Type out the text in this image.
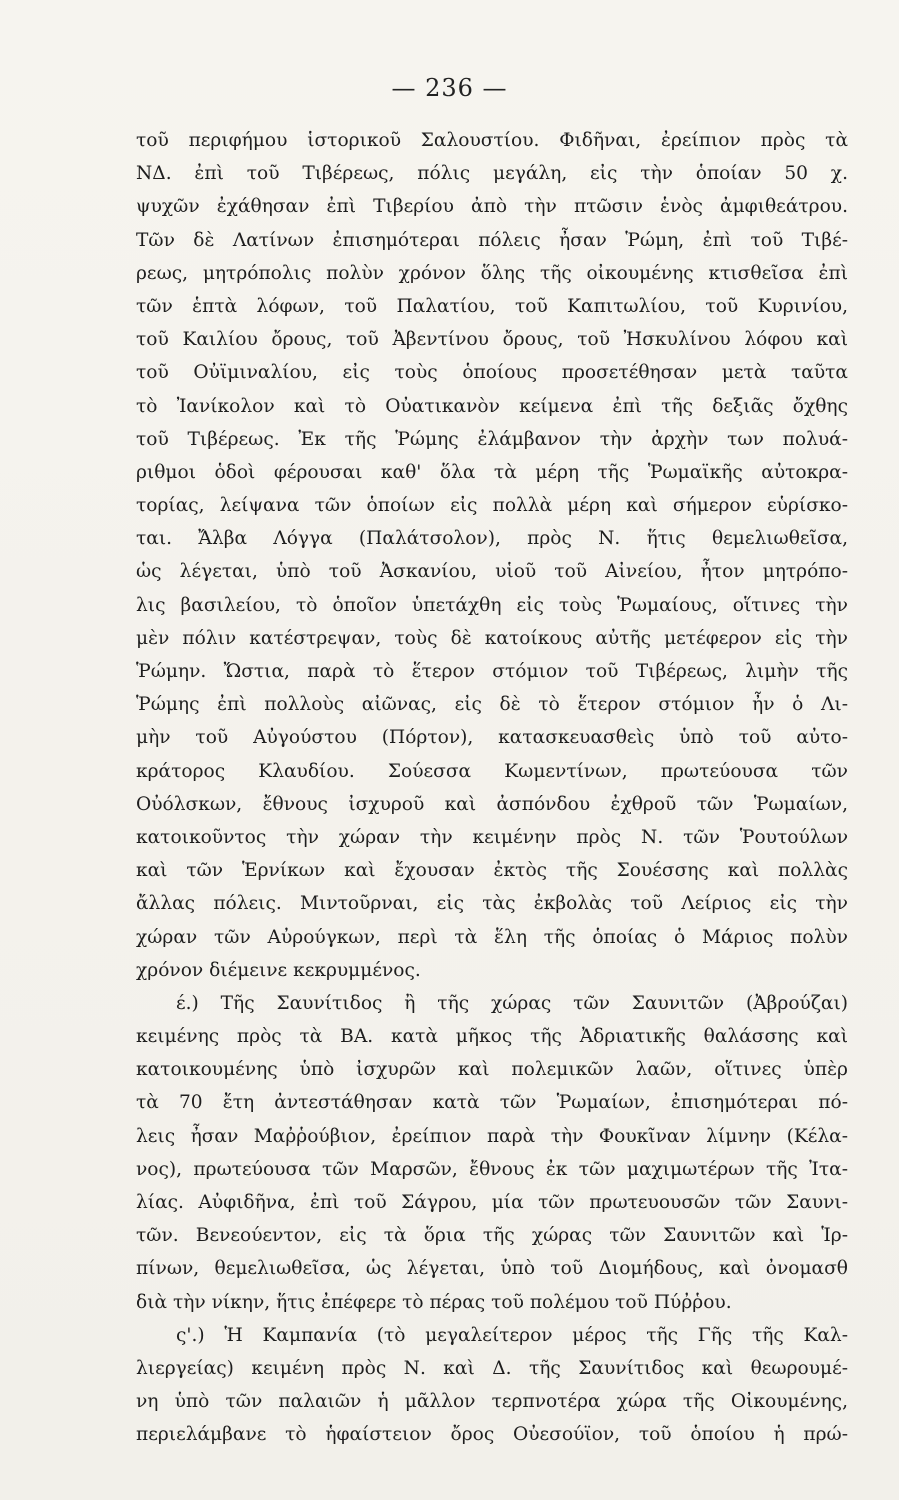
— 236 —
τοῦ περιφήμου ἱστορικοῦ Σαλουστίου. Φιδῆναι, ἐρείπιον πρὸς τὰ
ΝΔ. ἐπὶ τοῦ Τιβέρεως, πόλις μεγάλη, εἰς τὴν ὁποίαν 50 χ.
ψυχῶν ἐχάθησαν ἐπὶ Τιβερίου ἀπὸ τὴν πτῶσιν ἑνὸς ἀμφιθεάτρου.
Τῶν δὲ Λατίνων ἐπισημότεραι πόλεις ἦσαν Ῥώμη, ἐπὶ τοῦ Τιβέ-
ρεως, μητρόπολις πολὺν χρόνον ὅλης τῆς οἰκουμένης κτισθεῖσα ἐπὶ
τῶν ἑπτὰ λόφων, τοῦ Παλατίου, τοῦ Καπιτωλίου, τοῦ Κυρινίου,
τοῦ Καιλίου ὄρους, τοῦ Ἀβεντίνου ὄρους, τοῦ Ἠσκυλίνου λόφου καὶ
τοῦ Οὐϊμιναλίου, εἰς τοὺς ὁποίους προσετέθησαν μετὰ ταῦτα
τὸ Ἰανίκολον καὶ τὸ Οὐατικανὸν κείμενα ἐπὶ τῆς δεξιᾶς ὄχθης
τοῦ Τιβέρεως. Ἐκ τῆς Ῥώμης ἐλάμβανον τὴν ἀρχὴν των πολυά-
ριθμοι ὁδοὶ φέρουσαι καθ' ὅλα τὰ μέρη τῆς Ῥωμαϊκῆς αὐτοκρα-
τορίας, λείψανα τῶν ὁποίων εἰς πολλὰ μέρη καὶ σήμερον εὑρίσκο-
ται. Ἄλβα Λόγγα (Παλάτσολον), πρὸς Ν. ἥτις θεμελιωθεῖσα,
ὡς λέγεται, ὑπὸ τοῦ Ἀσκανίου, υἱοῦ τοῦ Αἰνείου, ἦτον μητρόπο-
λις βασιλείου, τὸ ὁποῖον ὑπετάχθη εἰς τοὺς Ῥωμαίους, οἵτινες τὴν
μὲν πόλιν κατέστρεψαν, τοὺς δὲ κατοίκους αὐτῆς μετέφερον εἰς τὴν
Ῥώμην. Ὤστια, παρὰ τὸ ἕτερον στόμιον τοῦ Τιβέρεως, λιμὴν τῆς
Ῥώμης ἐπὶ πολλοὺς αἰῶνας, εἰς δὲ τὸ ἕτερον στόμιον ἦν ὁ Λι-
μὴν τοῦ Αὐγούστου (Πόρτον), κατασκευασθεὶς ὑπὸ τοῦ αὐτο-
κράτορος Κλαυδίου. Σούεσσα Κωμεντίνων, πρωτεύουσα τῶν
Οὐόλσκων, ἔθνους ἰσχυροῦ καὶ ἀσπόνδου ἐχθροῦ τῶν Ῥωμαίων,
κατοικοῦντος τὴν χώραν τὴν κειμένην πρὸς Ν. τῶν Ῥουτούλων
καὶ τῶν Ἑρνίκων καὶ ἔχουσαν ἐκτὸς τῆς Σουέσσης καὶ πολλὰς
ἄλλας πόλεις. Μιντοῦρναι, εἰς τὰς ἐκβολὰς τοῦ Λείριος εἰς τὴν
χώραν τῶν Αὐρούγκων, περὶ τὰ ἕλη τῆς ὁποίας ὁ Μάριος πολὺν
χρόνον διέμεινε κεκρυμμένος.
έ.) Τῆς Σαυνίτιδος ἢ τῆς χώρας τῶν Σαυνιτῶν (Ἀβρούζαι)
κειμένης πρὸς τὰ ΒΑ. κατὰ μῆκος τῆς Ἀδριατικῆς θαλάσσης καὶ
κατοικουμένης ὑπὸ ἰσχυρῶν καὶ πολεμικῶν λαῶν, οἵτινες ὑπὲρ
τὰ 70 ἔτη ἀντεστάθησαν κατὰ τῶν Ῥωμαίων, ἐπισημότεραι πό-
λεις ἦσαν Μαῤῥούβιον, ἐρείπιον παρὰ τὴν Φουκῖναν λίμνην (Κέλα-
νος), πρωτεύουσα τῶν Μαρσῶν, ἔθνους ἐκ τῶν μαχιμωτέρων τῆς Ἰτα-
λίας. Αὐφιδῆνα, ἐπὶ τοῦ Σάγρου, μία τῶν πρωτευουσῶν τῶν Σαυνι-
τῶν. Βενεούεντον, εἰς τὰ ὅρια τῆς χώρας τῶν Σαυνιτῶν καὶ Ἱρ-
πίνων, θεμελιωθεῖσα, ὡς λέγεται, ὑπὸ τοῦ Διομήδους, καὶ ὀνομασθ
διὰ τὴν νίκην, ἥτις ἐπέφερε τὸ πέρας τοῦ πολέμου τοῦ Πύῤῥου.
ς'.) Ἡ Καμπανία (τὸ μεγαλείτερον μέρος τῆς Γῆς τῆς Καλ-
λιεργείας) κειμένη πρὸς Ν. καὶ Δ. τῆς Σαυνίτιδος καὶ θεωρουμέ-
νη ὑπὸ τῶν παλαιῶν ἡ μᾶλλον τερπνοτέρα χώρα τῆς Οἰκουμένης,
περιελάμβανε τὸ ἡφαίστειον ὄρος Οὐεσούϊον, τοῦ ὁποίου ἡ πρώ-
